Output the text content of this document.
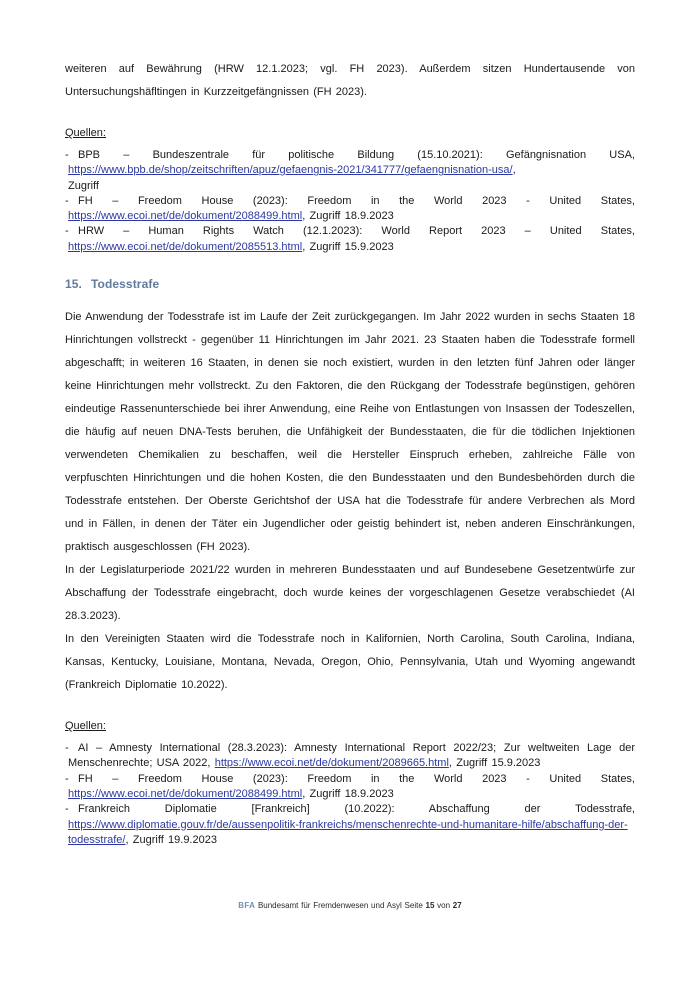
weiteren auf Bewährung (HRW 12.1.2023; vgl. FH 2023). Außerdem sitzen Hundertausende von Untersuchungshäfltingen in Kurzzeitgefängnissen (FH 2023).

Quellen:

- BPB – Bundeszentrale für politische Bildung (15.10.2021): Gefängnisnation USA, https://www.bpb.de/shop/zeitschriften/apuz/gefaengnis-2021/341777/gefaengnisnation-usa/,
Zugriff

- FH – Freedom House (2023): Freedom in the World 2023 - United States, https://www.ecoi.net/de/dokument/2088499.html, Zugriff 18.9.2023

- HRW – Human Rights Watch (12.1.2023): World Report 2023 – United States, https://www.ecoi.net/de/dokument/2085513.html, Zugriff 15.9.2023

15. Todesstrafe

Die Anwendung der Todesstrafe ist im Laufe der Zeit zurückgegangen. Im Jahr 2022 wurden in sechs Staaten 18 Hinrichtungen vollstreckt - gegenüber 11 Hinrichtungen im Jahr 2021. 23 Staaten haben die Todesstrafe formell abgeschafft; in weiteren 16 Staaten, in denen sie noch existiert, wurden in den letzten fünf Jahren oder länger keine Hinrichtungen mehr vollstreckt. Zu den Faktoren, die den Rückgang der Todesstrafe begünstigen, gehören eindeutige Rassenunterschiede bei ihrer Anwendung, eine Reihe von Entlastungen von Insassen der Todeszellen, die häufig auf neuen DNA-Tests beruhen, die Unfähigkeit der Bundesstaaten, die für die tödlichen Injektionen verwendeten Chemikalien zu beschaffen, weil die Hersteller Einspruch erheben, zahlreiche Fälle von verpfuschten Hinrichtungen und die hohen Kosten, die den Bundesstaaten und den Bundesbehörden durch die Todesstrafe entstehen. Der Oberste Gerichtshof der USA hat die Todesstrafe für andere Verbrechen als Mord und in Fällen, in denen der Täter ein Jugendlicher oder geistig behindert ist, neben anderen Einschränkungen, praktisch ausgeschlossen (FH 2023).

In der Legislaturperiode 2021/22 wurden in mehreren Bundesstaaten und auf Bundesebene Gesetzentwürfe zur Abschaffung der Todesstrafe eingebracht, doch wurde keines der vorgeschlagenen Gesetze verabschiedet (AI 28.3.2023).

In den Vereinigten Staaten wird die Todesstrafe noch in Kalifornien, North Carolina, South Carolina, Indiana, Kansas, Kentucky, Louisiane, Montana, Nevada, Oregon, Ohio, Pennsylvania, Utah und Wyoming angewandt (Frankreich Diplomatie 10.2022).

Quellen:

- AI – Amnesty International (28.3.2023): Amnesty International Report 2022/23; Zur weltweiten Lage der Menschenrechte; USA 2022, https://www.ecoi.net/de/dokument/2089665.html, Zugriff 15.9.2023

- FH – Freedom House (2023): Freedom in the World 2023 - United States, https://www.ecoi.net/de/dokument/2088499.html, Zugriff 18.9.2023

- Frankreich Diplomatie [Frankreich] (10.2022): Abschaffung der Todesstrafe, https://www.diplomatie.gouv.fr/de/aussenpolitik-frankreichs/menschenrechte-und-humanitare-hilfe/abschaffung-der-todesstrafe/, Zugriff 19.9.2023

BFA Bundesamt für Fremdenwesen und Asyl Seite 15 von 27
